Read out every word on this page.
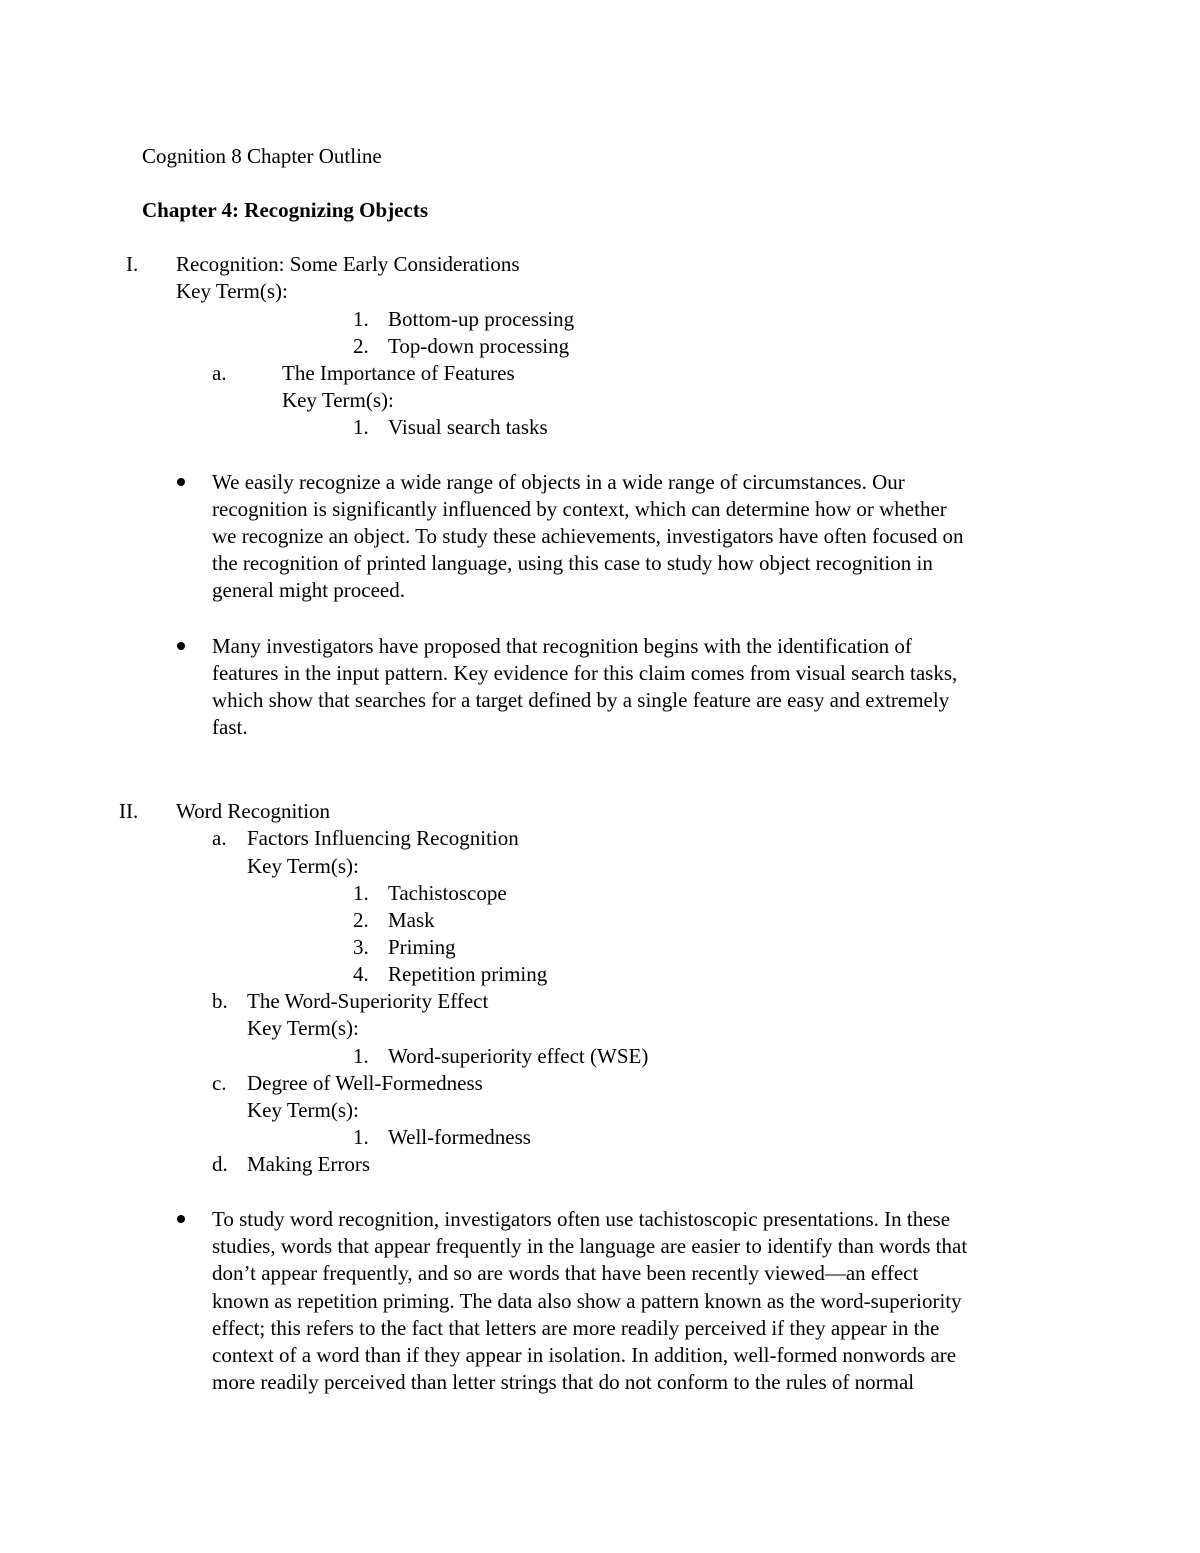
Cognition 8 Chapter Outline
Chapter 4: Recognizing Objects
I. Recognition: Some Early Considerations
Key Term(s):
1. Bottom-up processing
2. Top-down processing
a.	The Importance of Features
Key Term(s):
1. Visual search tasks
We easily recognize a wide range of objects in a wide range of circumstances. Our
recognition is significantly influenced by context, which can determine how or whether
we recognize an object. To study these achievements, investigators have often focused on
the recognition of printed language, using this case to study how object recognition in
general might proceed.
Many investigators have proposed that recognition begins with the identification of
features in the input pattern. Key evidence for this claim comes from visual search tasks,
which show that searches for a target defined by a single feature are easy and extremely
fast.
II. Word Recognition
a. Factors Influencing Recognition
Key Term(s):
1. Tachistoscope
2. Mask
3. Priming
4. Repetition priming
b. The Word-Superiority Effect
Key Term(s):
1. Word-superiority effect (WSE)
c. Degree of Well-Formedness
Key Term(s):
1. Well-formedness
d. Making Errors
To study word recognition, investigators often use tachistoscopic presentations. In these
studies, words that appear frequently in the language are easier to identify than words that
don’t appear frequently, and so are words that have been recently viewed—an effect
known as repetition priming. The data also show a pattern known as the word-superiority
effect; this refers to the fact that letters are more readily perceived if they appear in the
context of a word than if they appear in isolation. In addition, well-formed nonwords are
more readily perceived than letter strings that do not conform to the rules of normal
